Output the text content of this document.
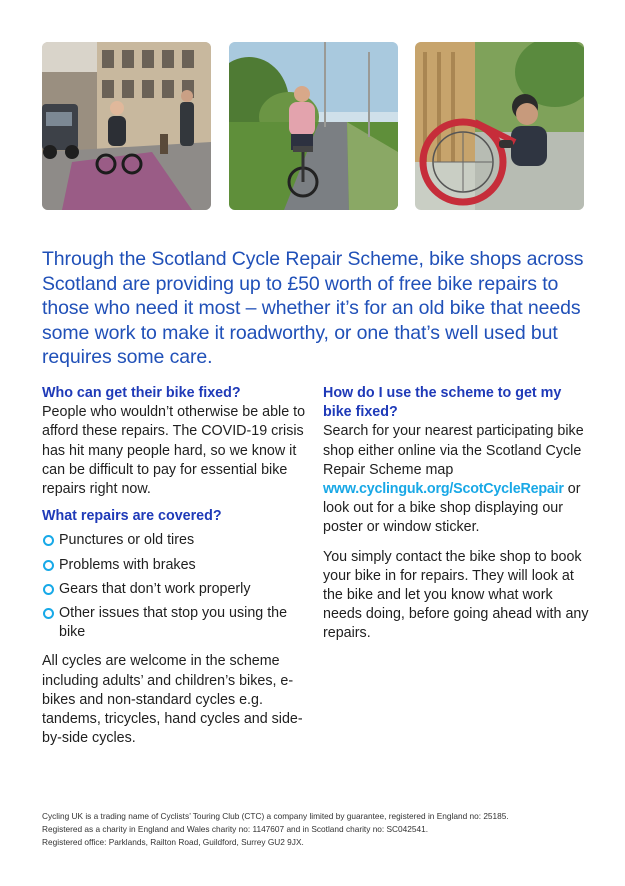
Through the Scotland Cycle Repair Scheme, bike shops across Scotland are providing up to £50 worth of free bike repairs to those who need it most – whether it’s for an old bike that needs some work to make it roadworthy, or one that’s well used but requires some care.

Who can get their bike fixed?

People who wouldn’t otherwise be able to afford these repairs. The COVID-19 crisis has hit many people hard, so we know it can be difficult to pay for essential bike repairs right now.

What repairs are covered?
Punctures or old tires
Problems with brakes
Gears that don’t work properly
Other issues that stop you using the bike

All cycles are welcome in the scheme including adults’ and children’s bikes, e-bikes and non-standard cycles e.g. tandems, tricycles, hand cycles and side-by-side cycles.

How do I use the scheme to get my bike fixed?

Search for your nearest participating bike shop either online via the Scotland Cycle Repair Scheme map www.cyclinguk.org/ScotCycleRepair or look out for a bike shop displaying our poster or window sticker.

You simply contact the bike shop to book your bike in for repairs. They will look at the bike and let you know what work needs doing, before going ahead with any repairs.

Cycling UK is a trading name of Cyclists’ Touring Club (CTC) a company limited by guarantee, registered in England no: 25185.
Registered as a charity in England and Wales charity no: 1147607 and in Scotland charity no: SC042541.
Registered office: Parklands, Railton Road, Guildford, Surrey GU2 9JX.
